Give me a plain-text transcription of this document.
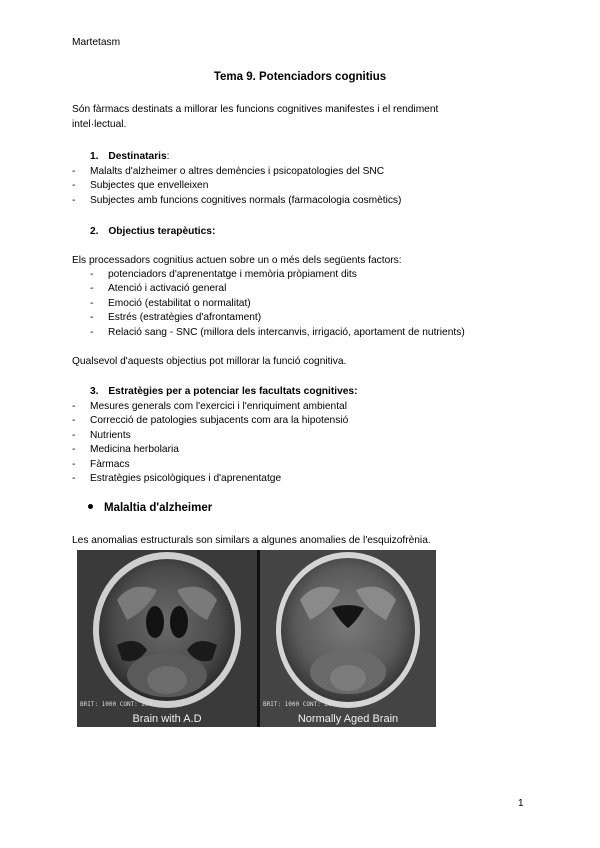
Martetasm
Tema 9. Potenciadors cognitius
Són fàrmacs destinats a millorar les funcions cognitives manifestes i el rendiment
intel·lectual.
1. Destinataris:
- Malalts d'alzheimer o altres demències i psicopatologies del SNC
- Subjectes que envelleixen
- Subjectes amb funcions cognitives normals (farmacologia cosmètics)
2. Objectius terapèutics:
Els processadors cognitius actuen sobre un o més dels següents factors:
- potenciadors d'aprenentatge i memòria pròpiament dits
- Atenció i activació general
- Emoció (estabilitat o normalitat)
- Estrés (estratègies d'afrontament)
- Relació sang - SNC (millora dels intercanvis, irrigació, aportament de nutrients)
Qualsevol d'aquests objectius pot millorar la funció cognitiva.
3. Estratègies per a potenciar les facultats cognitives:
- Mesures generals com l'exercici i l'enriquiment ambiental
- Correcció de patologies subjacents com ara la hipotensió
- Nutrients
- Medicina herbolaria
- Fàrmacs
- Estratègies psicològiques i d'aprenentatge
Malaltia d'alzheimer
Les anomalias estructurals son similars a algunes anomalies de l'esquizofrènia.
BRIT: 1000 CONT: 200
Brain with A.D
BRIT: 1000 CONT: 200
Normally Aged Brain
1
